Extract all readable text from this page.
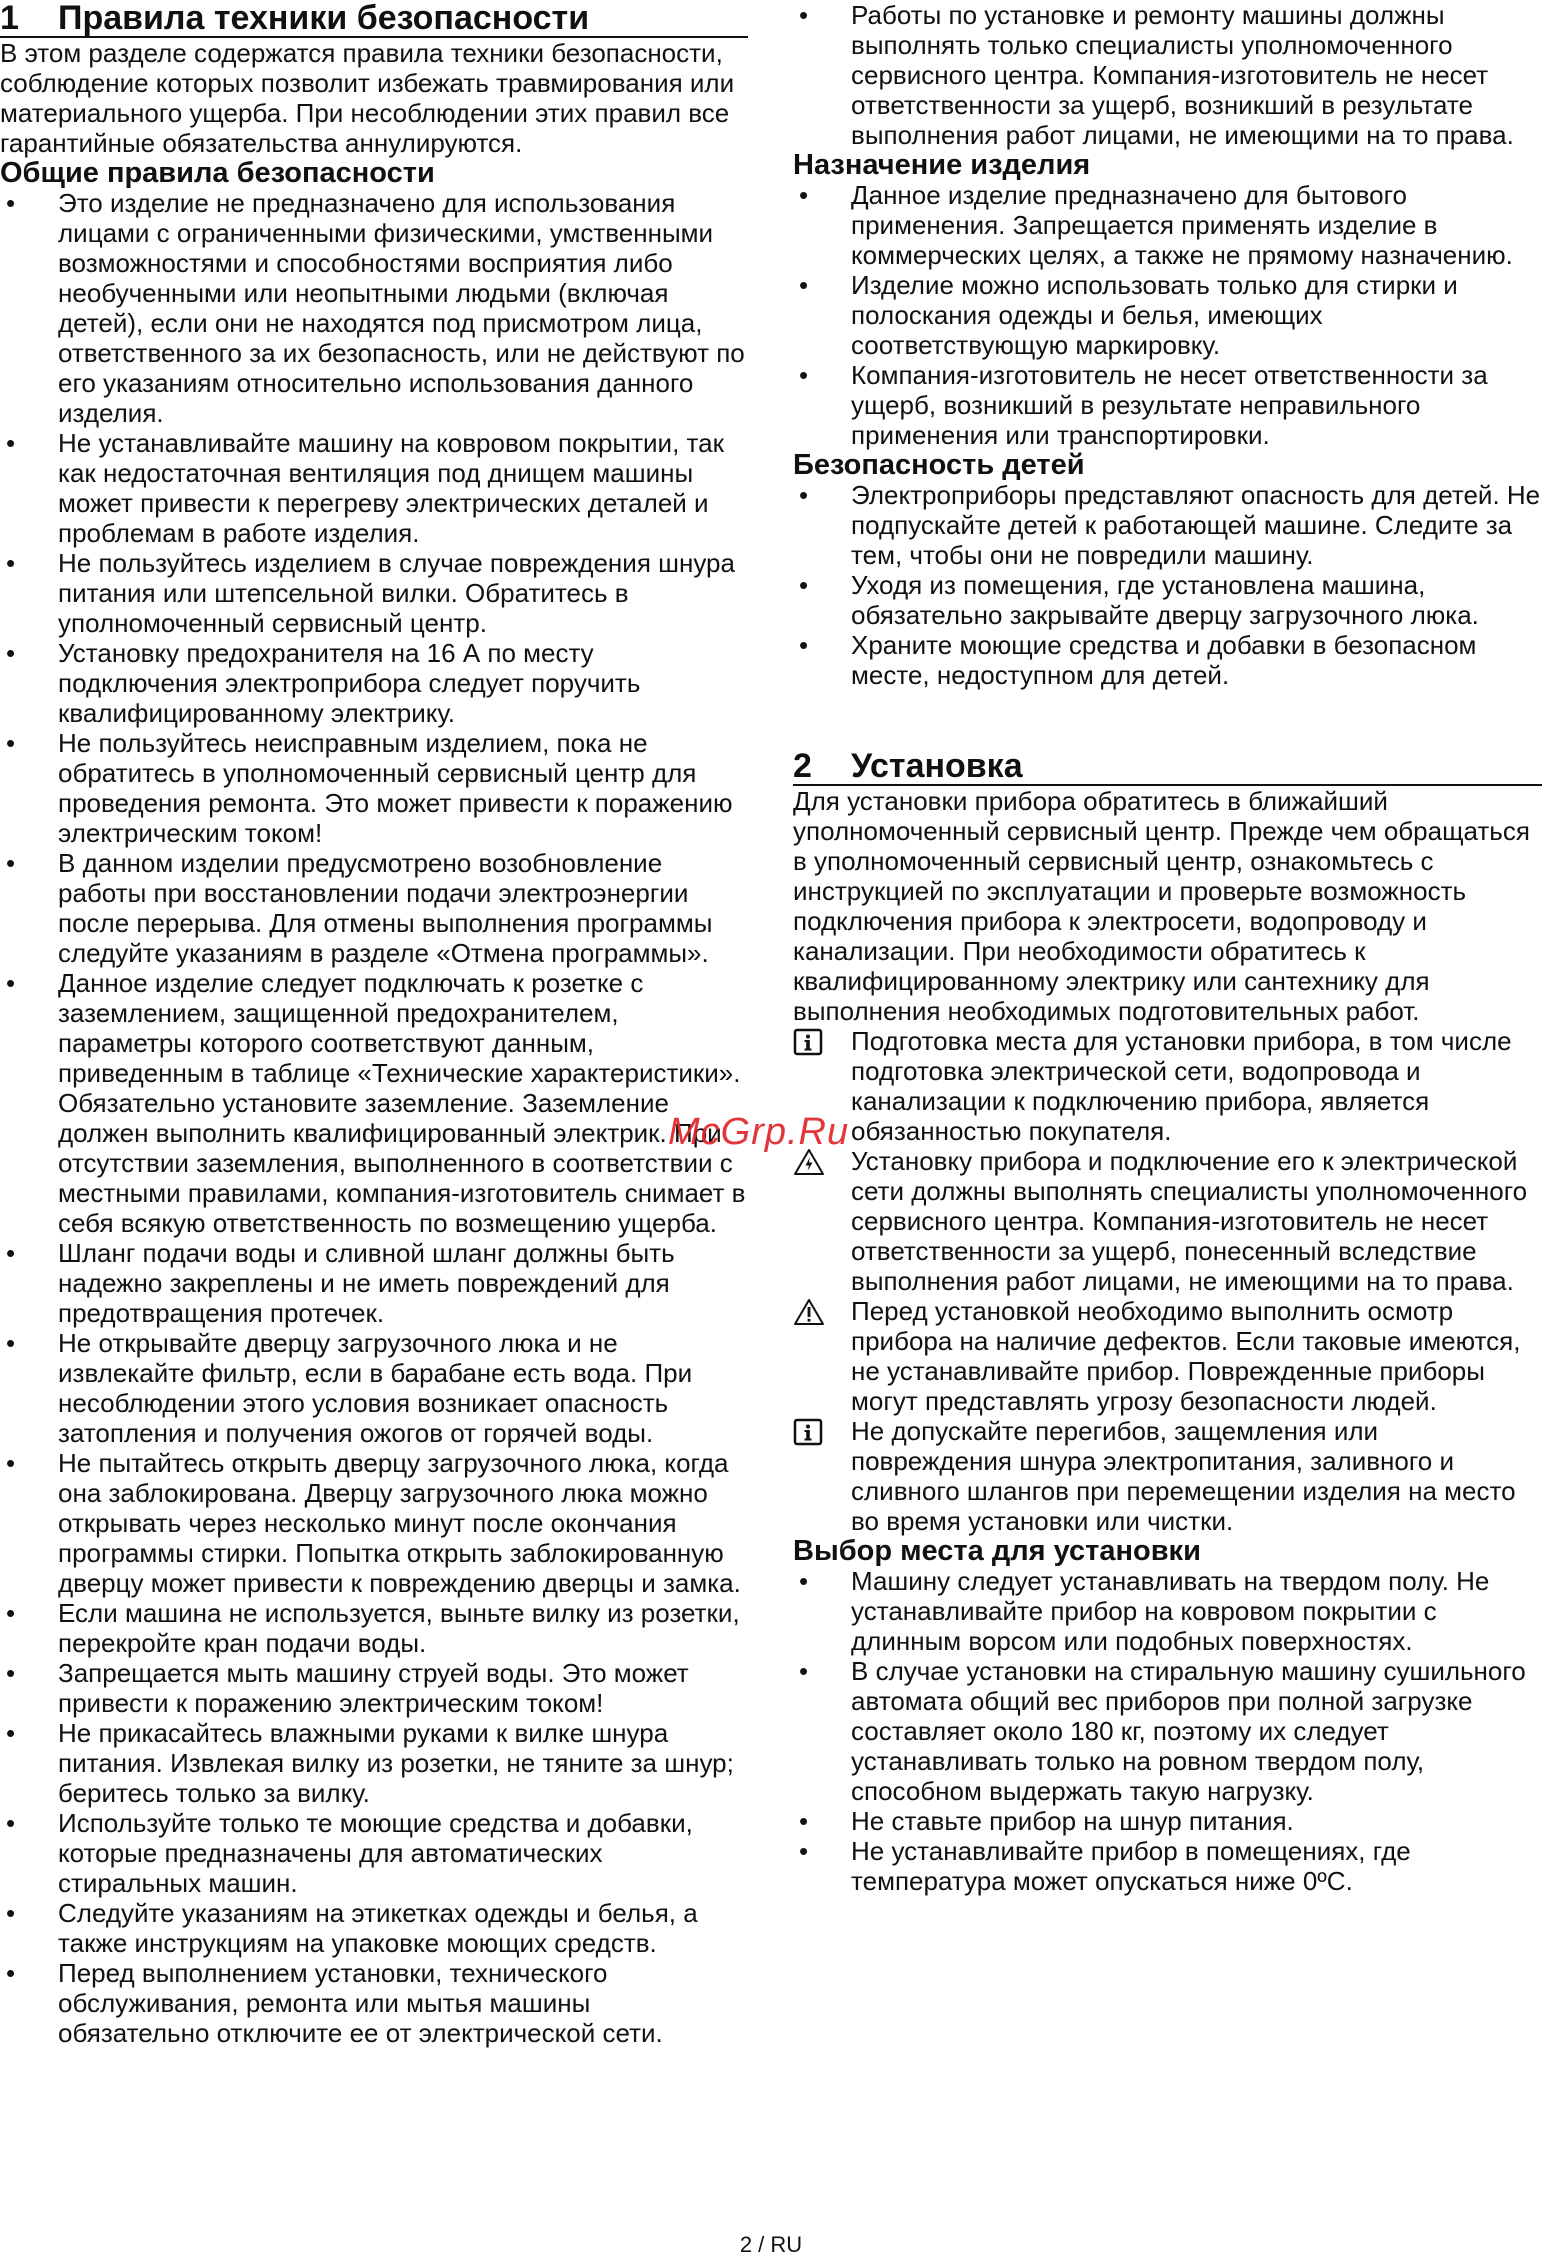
1	Правила техники безопасности

В этом разделе содержатся правила техники безопасности, соблюдение которых позволит избежать травмирования или материального ущерба. При несоблюдении этих правил все гарантийные обязательства аннулируются.

Общие правила безопасности
• Это изделие не предназначено для использования лицами с ограниченными физическими, умственными возможностями и способностями восприятия либо необученными или неопытными людьми (включая детей), если они не находятся под присмотром лица, ответственного за их безопасность, или не действуют по его указаниям относительно использования данного изделия.
• Не устанавливайте машину на ковровом покрытии, так как недостаточная вентиляция под днищем машины может привести к перегреву электрических деталей и проблемам в работе изделия.
• Не пользуйтесь изделием в случае повреждения шнура питания или штепсельной вилки. Обратитесь в уполномоченный сервисный центр.
• Установку предохранителя на 16 А по месту подключения электроприбора следует поручить квалифицированному электрику.
• Не пользуйтесь неисправным изделием, пока не обратитесь в уполномоченный сервисный центр для проведения ремонта. Это может привести к поражению электрическим током!
• В данном изделии предусмотрено возобновление работы при восстановлении подачи электроэнергии после перерыва. Для отмены выполнения программы следуйте указаниям в разделе «Отмена программы».
• Данное изделие следует подключать к розетке с заземлением, защищенной предохранителем, параметры которого соответствуют данным, приведенным в таблице «Технические характеристики». Обязательно установите заземление. Заземление должен выполнить квалифицированный электрик. При отсутствии заземления, выполненного в соответствии с местными правилами, компания-изготовитель снимает в себя всякую ответственность по возмещению ущерба.
• Шланг подачи воды и сливной шланг должны быть надежно закреплены и не иметь повреждений для предотвращения протечек.
• Не открывайте дверцу загрузочного люка и не извлекайте фильтр, если в барабане есть вода. При несоблюдении этого условия возникает опасность затопления и получения ожогов от горячей воды.
• Не пытайтесь открыть дверцу загрузочного люка, когда она заблокирована. Дверцу загрузочного люка можно открывать через несколько минут после окончания программы стирки. Попытка открыть заблокированную дверцу может привести к повреждению дверцы и замка.
• Если машина не используется, выньте вилку из розетки, перекройте кран подачи воды.
• Запрещается мыть машину струей воды. Это может привести к поражению электрическим током!
• Не прикасайтесь влажными руками к вилке шнура питания. Извлекая вилку из розетки, не тяните за шнур; беритесь только за вилку.
• Используйте только те моющие средства и добавки, которые предназначены для автоматических стиральных машин.
• Следуйте указаниям на этикетках одежды и белья, а также инструкциям на упаковке моющих средств.
• Перед выполнением установки, технического обслуживания, ремонта или мытья машины обязательно отключите ее от электрической сети.
• Работы по установке и ремонту машины должны выполнять только специалисты уполномоченного сервисного центра. Компания-изготовитель не несет ответственности за ущерб, возникший в результате выполнения работ лицами, не имеющими на то права.
Назначение изделия
• Данное изделие предназначено для бытового применения. Запрещается применять изделие в коммерческих целях, а также не прямому назначению.
• Изделие можно использовать только для стирки и полоскания одежды и белья, имеющих соответствующую маркировку.
• Компания-изготовитель не несет ответственности за ущерб, возникший в результате неправильного применения или транспортировки.
Безопасность детей
• Электроприборы представляют опасность для детей. Не подпускайте детей к работающей машине. Следите за тем, чтобы они не повредили машину.
• Уходя из помещения, где установлена машина, обязательно закрывайте дверцу загрузочного люка.
• Храните моющие средства и добавки в безопасном месте, недоступном для детей.
2	Установка

Для установки прибора обратитесь в ближайший уполномоченный сервисный центр. Прежде чем обращаться в уполномоченный сервисный центр, ознакомьтесь с инструкцией по эксплуатации и проверьте возможность подключения прибора к электросети, водопроводу и канализации. При необходимости обратитесь к квалифицированному электрику или сантехнику для выполнения необходимых подготовительных работ.

Подготовка места для установки прибора, в том числе подготовка электрической сети, водопровода и канализации к подключению прибора, является обязанностью покупателя.
Установку прибора и подключение его к электрической сети должны выполнять специалисты уполномоченного сервисного центра. Компания-изготовитель не несет ответственности за ущерб, понесенный вследствие выполнения работ лицами, не имеющими на то права.
Перед установкой необходимо выполнить осмотр прибора на наличие дефектов. Если таковые имеются, не устанавливайте прибор. Поврежденные приборы могут представлять угрозу безопасности людей.
Не допускайте перегибов, защемления или повреждения шнура электропитания, заливного и сливного шлангов при перемещении изделия на место во время установки или чистки.
Выбор места для установки
• Машину следует устанавливать на твердом полу. Не устанавливайте прибор на ковровом покрытии с длинным ворсом или подобных поверхностях.
• В случае установки на стиральную машину сушильного автомата общий вес приборов при полной загрузке составляет около 180 кг, поэтому их следует устанавливать только на ровном твердом полу, способном выдержать такую нагрузку.
• Не ставьте прибор на шнур питания.
• Не устанавливайте прибор в помещениях, где температура может опускаться ниже 0ºC.
McGrp.Ru
2 / RU
